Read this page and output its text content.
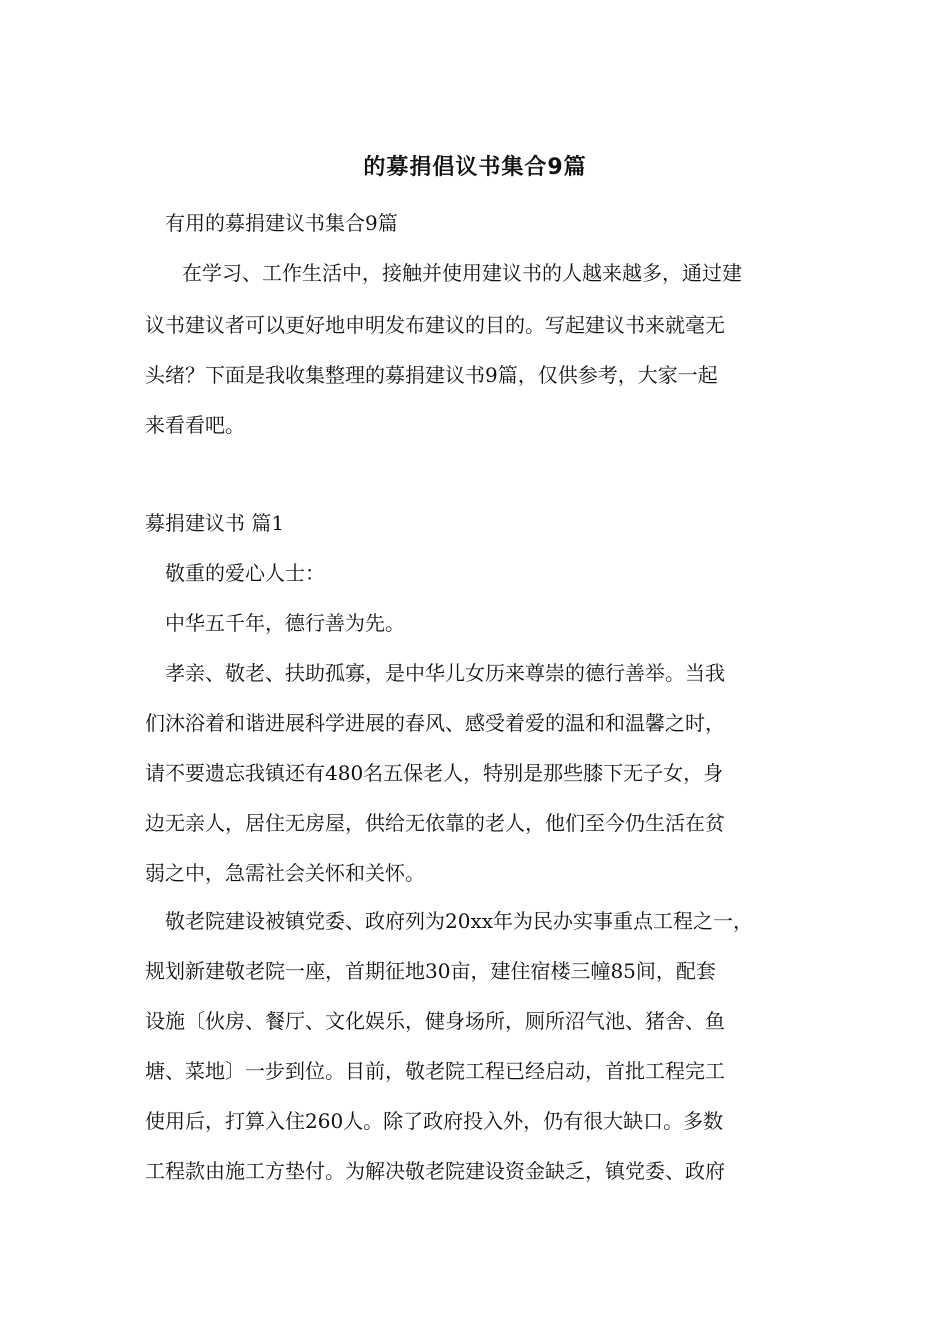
的募捐倡议书集合9篇
有用的募捐建议书集合9篇
在学习、工作生活中，接触并使用建议书的人越来越多，通过建
议书建议者可以更好地申明发布建议的目的。写起建议书来就毫无
头绪？下面是我收集整理的募捐建议书9篇，仅供参考，大家一起
来看看吧。
募捐建议书 篇1
敬重的爱心人士：
中华五千年，德行善为先。
孝亲、敬老、扶助孤寡，是中华儿女历来尊崇的德行善举。当我
们沐浴着和谐进展科学进展的春风、感受着爱的温和和温馨之时，
请不要遗忘我镇还有480名五保老人，特别是那些膝下无子女，身
边无亲人，居住无房屋，供给无依靠的老人，他们至今仍生活在贫
弱之中，急需社会关怀和关怀。
敬老院建设被镇党委、政府列为20xx年为民办实事重点工程之一，
规划新建敬老院一座，首期征地30亩，建住宿楼三幢85间，配套
设施〔伙房、餐厅、文化娱乐，健身场所，厕所沼气池、猪舍、鱼
塘、菜地〕一步到位。目前，敬老院工程已经启动，首批工程完工
使用后，打算入住260人。除了政府投入外，仍有很大缺口。多数
工程款由施工方垫付。为解决敬老院建设资金缺乏，镇党委、政府
